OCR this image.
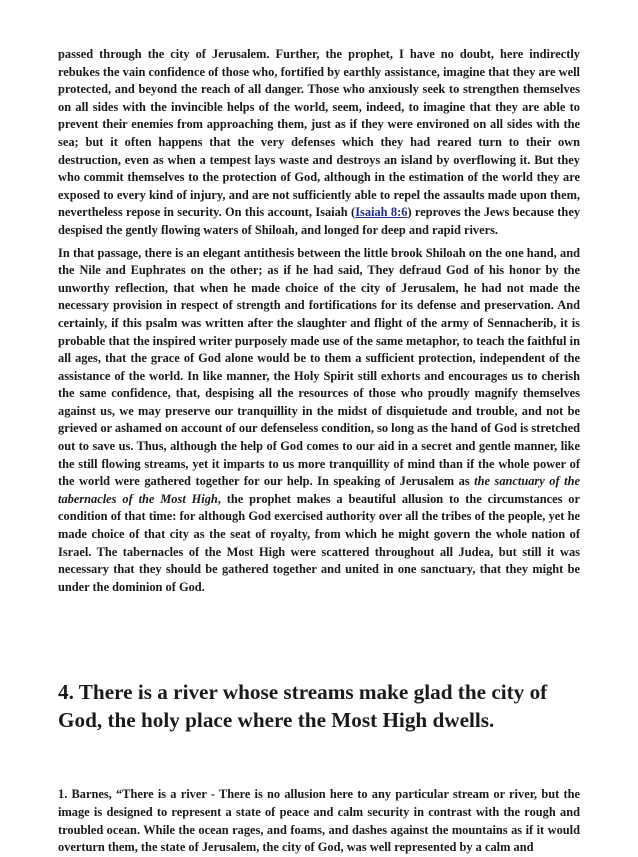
passed through the city of Jerusalem. Further, the prophet, I have no doubt, here indirectly rebukes the vain confidence of those who, fortified by earthly assistance, imagine that they are well protected, and beyond the reach of all danger. Those who anxiously seek to strengthen themselves on all sides with the invincible helps of the world, seem, indeed, to imagine that they are able to prevent their enemies from approaching them, just as if they were environed on all sides with the sea; but it often happens that the very defenses which they had reared turn to their own destruction, even as when a tempest lays waste and destroys an island by overflowing it. But they who commit themselves to the protection of God, although in the estimation of the world they are exposed to every kind of injury, and are not sufficiently able to repel the assaults made upon them, nevertheless repose in security. On this account, Isaiah (Isaiah 8:6) reproves the Jews because they despised the gently flowing waters of Shiloah, and longed for deep and rapid rivers.

In that passage, there is an elegant antithesis between the little brook Shiloah on the one hand, and the Nile and Euphrates on the other; as if he had said, They defraud God of his honor by the unworthy reflection, that when he made choice of the city of Jerusalem, he had not made the necessary provision in respect of strength and fortifications for its defense and preservation. And certainly, if this psalm was written after the slaughter and flight of the army of Sennacherib, it is probable that the inspired writer purposely made use of the same metaphor, to teach the faithful in all ages, that the grace of God alone would be to them a sufficient protection, independent of the assistance of the world. In like manner, the Holy Spirit still exhorts and encourages us to cherish the same confidence, that, despising all the resources of those who proudly magnify themselves against us, we may preserve our tranquillity in the midst of disquietude and trouble, and not be grieved or ashamed on account of our defenseless condition, so long as the hand of God is stretched out to save us. Thus, although the help of God comes to our aid in a secret and gentle manner, like the still flowing streams, yet it imparts to us more tranquillity of mind than if the whole power of the world were gathered together for our help. In speaking of Jerusalem as the sanctuary of the tabernacles of the Most High, the prophet makes a beautiful allusion to the circumstances or condition of that time: for although God exercised authority over all the tribes of the people, yet he made choice of that city as the seat of royalty, from which he might govern the whole nation of Israel. The tabernacles of the Most High were scattered throughout all Judea, but still it was necessary that they should be gathered together and united in one sanctuary, that they might be under the dominion of God.

4. There is a river whose streams make glad the city of God, the holy place where the Most High dwells.

1. Barnes, “There is a river - There is no allusion here to any particular stream or river, but the image is designed to represent a state of peace and calm security in contrast with the rough and troubled ocean. While the ocean rages, and foams, and dashes against the mountains as if it would overturn them, the state of Jerusalem, the city of God, was well represented by a calm and
